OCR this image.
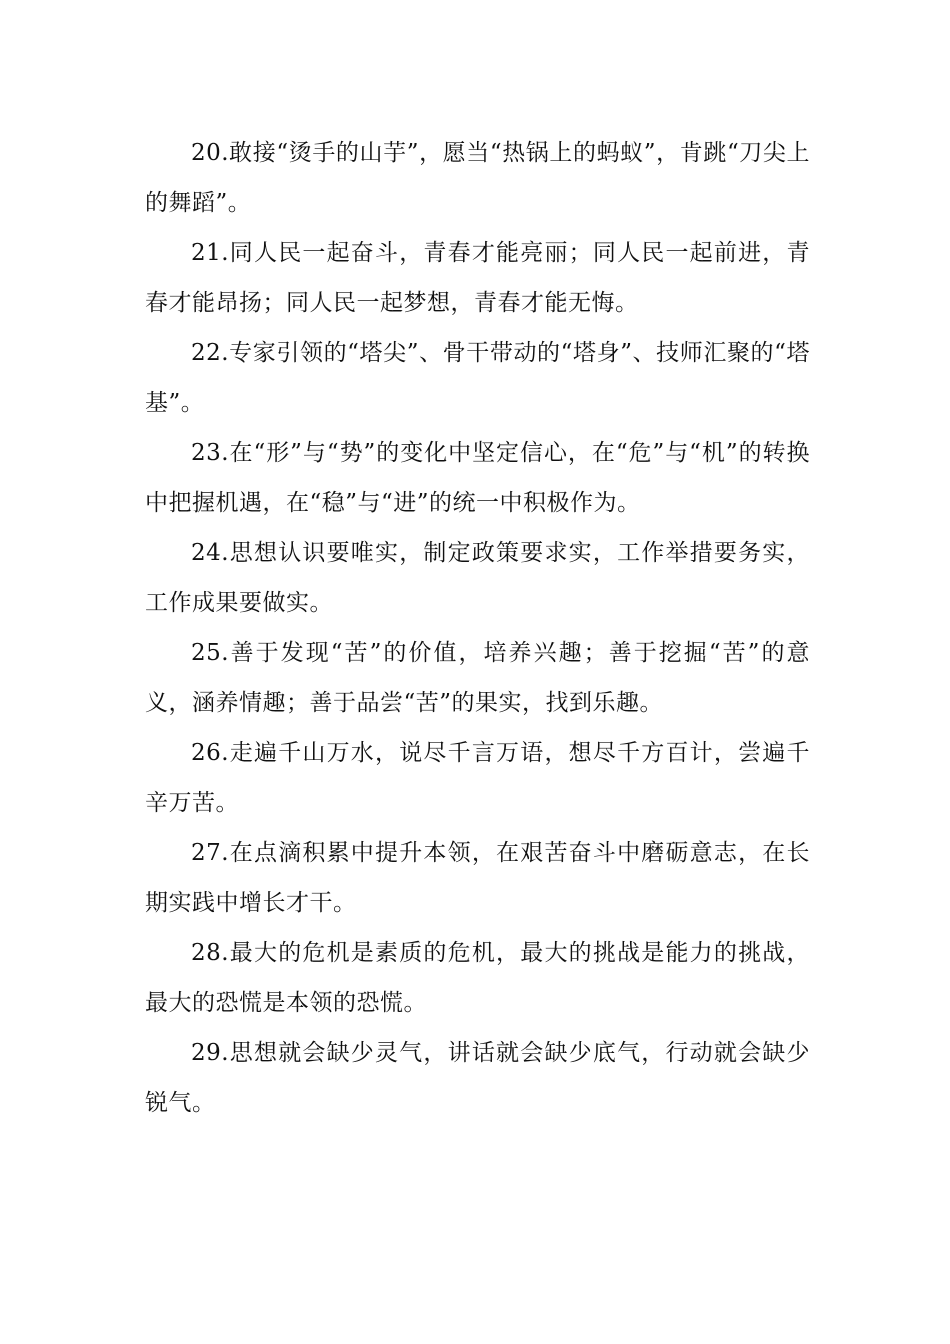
20.敢接“烫手的山芋”，愿当“热锅上的蚂蚁”，肯跳“刀尖上的舞蹈”。

21.同人民一起奋斗，青春才能亮丽；同人民一起前进，青春才能昂扬；同人民一起梦想，青春才能无悔。

22.专家引领的“塔尖”、骨干带动的“塔身”、技师汇聚的“塔基”。

23.在“形”与“势”的变化中坚定信心，在“危”与“机”的转换中把握机遇，在“稳”与“进”的统一中积极作为。

24.思想认识要唯实，制定政策要求实，工作举措要务实，工作成果要做实。

25.善于发现“苦”的价值，培养兴趣；善于挖掘“苦”的意义，涵养情趣；善于品尝“苦”的果实，找到乐趣。

26.走遍千山万水，说尽千言万语，想尽千方百计，尝遍千辛万苦。

27.在点滴积累中提升本领，在艰苦奋斗中磨砺意志，在长期实践中增长才干。

28.最大的危机是素质的危机，最大的挑战是能力的挑战，最大的恐慌是本领的恐慌。

29.思想就会缺少灵气，讲话就会缺少底气，行动就会缺少锐气。
